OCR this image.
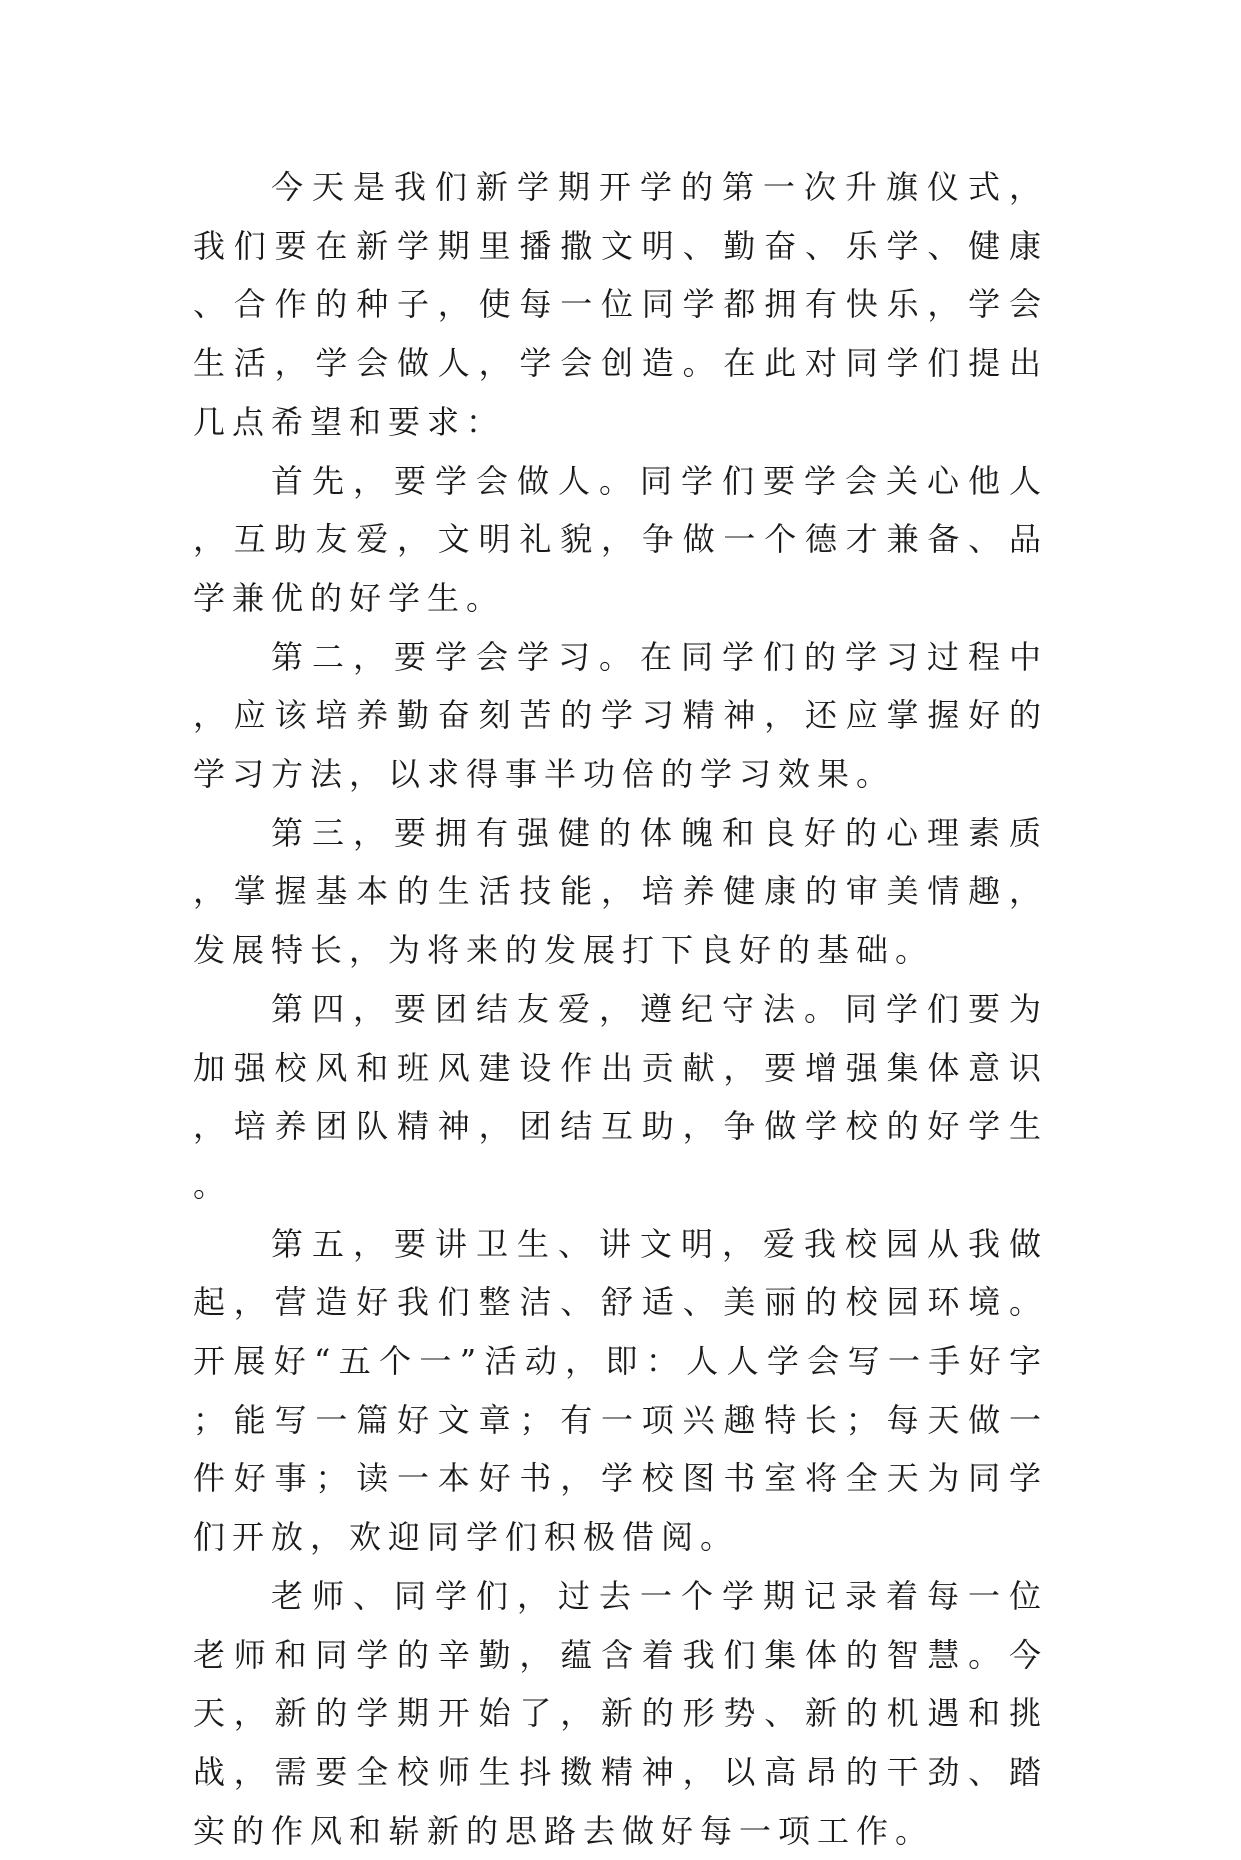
今天是我们新学期开学的第一次升旗仪式，我们要在新学期里播撒文明、勤奋、乐学、健康、合作的种子，使每一位同学都拥有快乐，学会生活，学会做人，学会创造。在此对同学们提出几点希望和要求：

首先，要学会做人。同学们要学会关心他人，互助友爱，文明礼貌，争做一个德才兼备、品学兼优的好学生。

第二，要学会学习。在同学们的学习过程中，应该培养勤奋刻苦的学习精神，还应掌握好的学习方法，以求得事半功倍的学习效果。

第三，要拥有强健的体魄和良好的心理素质，掌握基本的生活技能，培养健康的审美情趣，发展特长，为将来的发展打下良好的基础。

第四，要团结友爱，遵纪守法。同学们要为加强校风和班风建设作出贡献，要增强集体意识，培养团队精神，团结互助，争做学校的好学生。

第五，要讲卫生、讲文明，爱我校园从我做起，营造好我们整洁、舒适、美丽的校园环境。开展好“五个一”活动，即：人人学会写一手好字；能写一篇好文章；有一项兴趣特长；每天做一件好事；读一本好书，学校图书室将全天为同学们开放，欢迎同学们积极借阅。

老师、同学们，过去一个学期记录着每一位老师和同学的辛勤，蕴含着我们集体的智慧。今天，新的学期开始了，新的形势、新的机遇和挑战，需要全校师生抖擞精神，以高昂的干劲、踏实的作风和崭新的思路去做好每一项工作。
